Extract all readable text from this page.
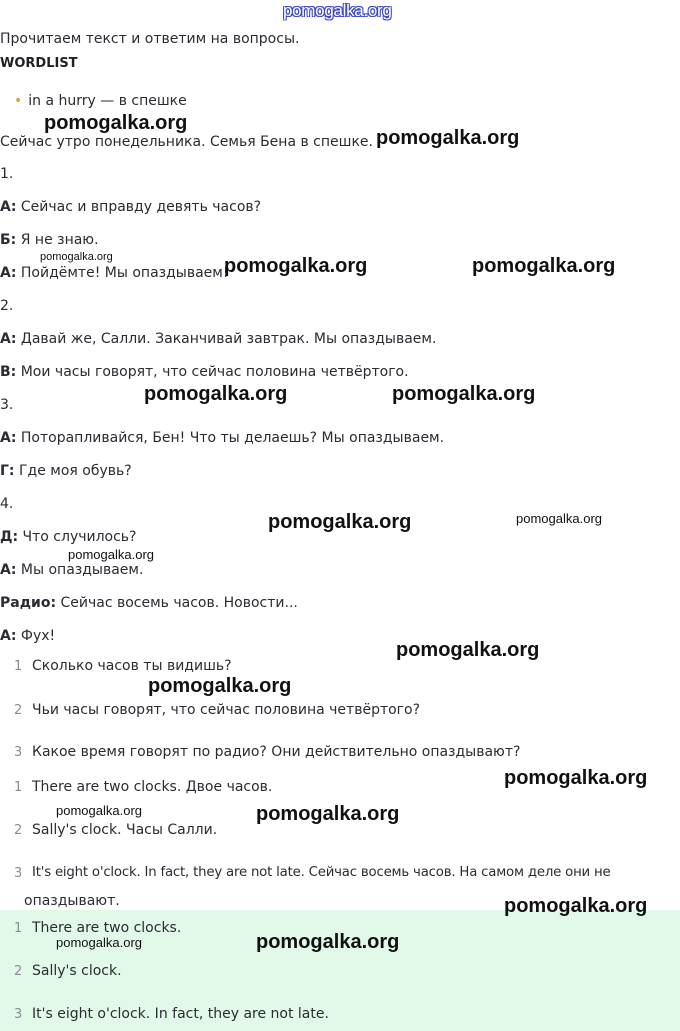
pomogalka.org
Прочитаем текст и ответим на вопросы.
WORDLIST
• in a hurry — в спешке
Сейчас утро понедельника. Семья Бена в спешке.
1.
А: Сейчас и вправду девять часов?
Б: Я не знаю.
А: Пойдёмте! Мы опаздываем!
2.
А: Давай же, Салли. Заканчивай завтрак. Мы опаздываем.
В: Мои часы говорят, что сейчас половина четвёртого.
3.
А: Поторапливайся, Бен! Что ты делаешь? Мы опаздываем.
Г: Где моя обувь?
4.
Д: Что случилось?
А: Мы опаздываем.
Радио: Сейчас восемь часов. Новости...
А: Фух!
1 Сколько часов ты видишь?
2 Чьи часы говорят, что сейчас половина четвёртого?
3 Какое время говорят по радио? Они действительно опаздывают?
1 There are two clocks. Двое часов.
2 Sally's clock. Часы Салли.
3 It's eight o'clock. In fact, they are not late. Сейчас восемь часов. На самом деле они не
опаздывают.
1 There are two clocks.
2 Sally's clock.
3 It's eight o'clock. In fact, they are not late.
pomogalka.org
pomogalka.org
pomogalka.org	pomogalka.org	pomogalka.org
pomogalka.org	pomogalka.org
pomogalka.org	pomogalka.org
pomogalka.org
pomogalka.org
pomogalka.org
pomogalka.org
pomogalka.org	pomogalka.org
pomogalka.org
pomogalka.org	pomogalka.org
